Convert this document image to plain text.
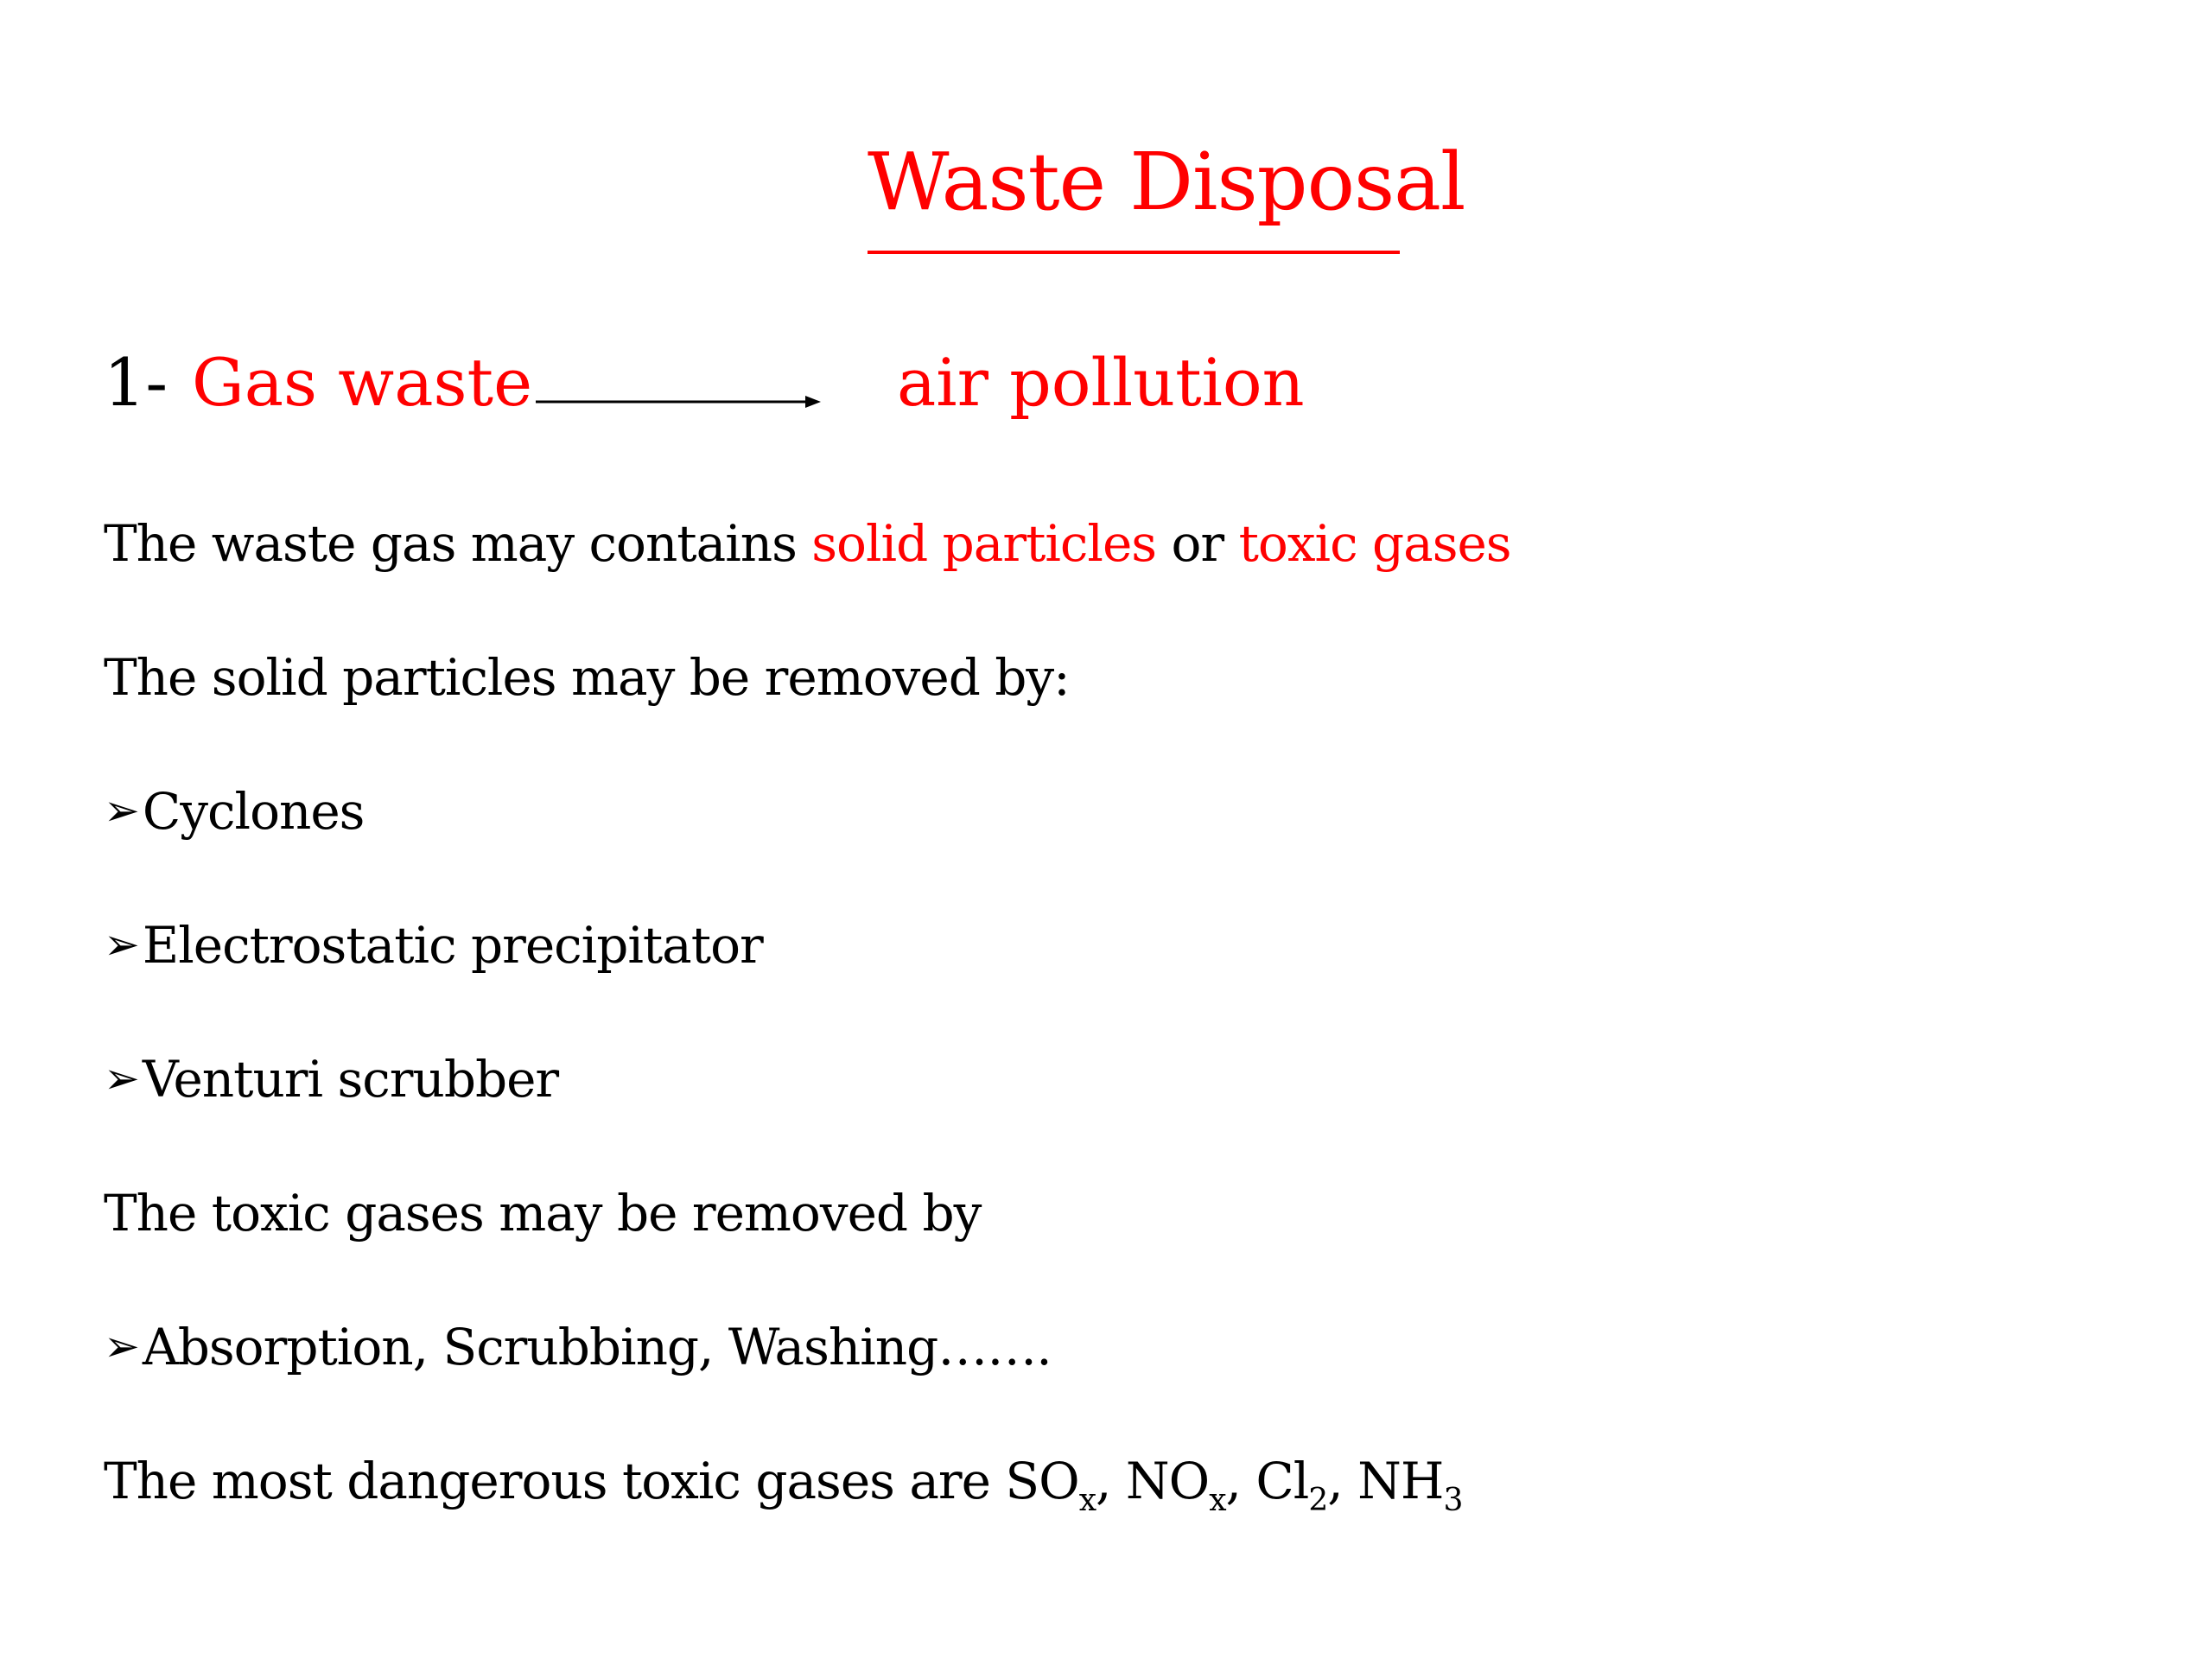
Waste Disposal
1- Gas waste	air pollution
The waste gas may contains solid particles or toxic gases
The solid particles may be removed by:
➢Cyclones
➢Electrostatic precipitator
➢Venturi scrubber
The toxic gases may be removed by
➢Absorption, Scrubbing, Washing…….
The most dangerous toxic gases are $SO_x$, $NO_x$, $Cl_2$, $NH_3$
